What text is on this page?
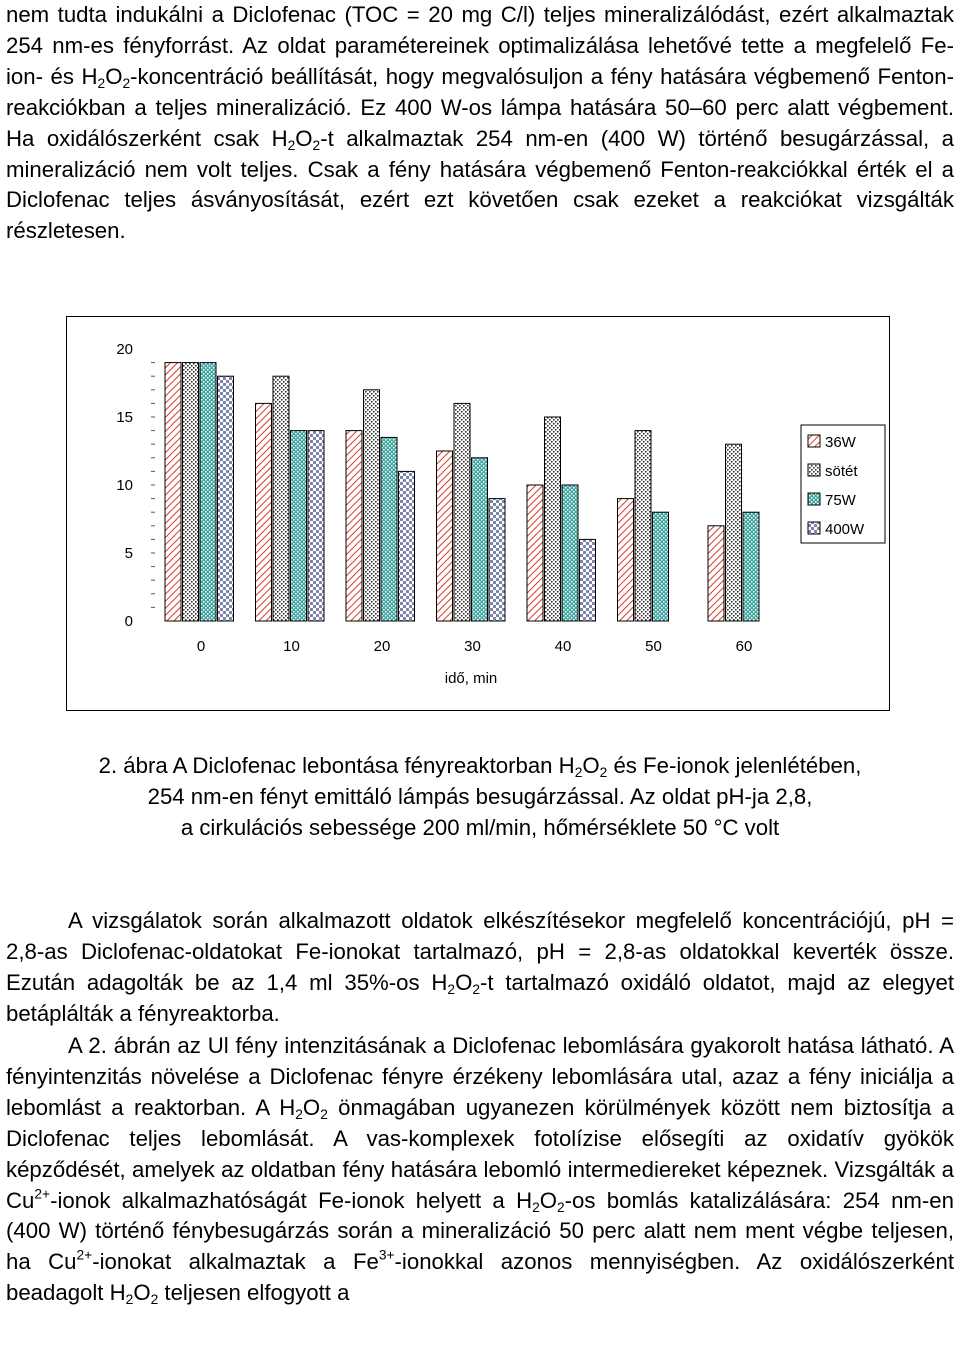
nem tudta indukálni a Diclofenac (TOC = 20 mg C/l) teljes mineralizálódást, ezért alkalmaztak 254 nm-es fényforrást. Az oldat paramétereinek optimalizálása lehetővé tette a megfelelő Fe-ion- és $H_2O_2$-koncentráció beállítását, hogy megvalósuljon a fény hatására végbemenő Fenton-reakciókban a teljes mineralizáció. Ez 400 W-os lámpa hatására 50–60 perc alatt végbement. Ha oxidálószerként csak $H_2O_2-t$ alkalmaztak 254 nm-en (400 W) történő besugárzással, a mineralizáció nem volt teljes. Csak a fény hatására végbemenő Fenton-reakciókkal érték el a Diclofenac teljes ásványosítását, ezért ezt követően csak ezeket a reakciókat vizsgálták részletesen.

0
5
10
15
20
0	10	20	30	40	50	60
idő, min
36W
sötét
75W
400W

2. ábra A Diclofenac lebontása fényreaktorban $H_2O_2$ és Fe-ionok jelenlétében,
254 nm-en fényt emittáló lámpás besugárzással. Az oldat pH-ja 2,8,
a cirkulációs sebessége 200 ml/min, hőmérséklete 50 °C volt

A vizsgálatok során alkalmazott oldatok elkészítésekor megfelelő koncentrációjú, pH = 2,8-as Diclofenac-oldatokat Fe-ionokat tartalmazó, pH = 2,8-as oldatokkal keverték össze. Ezután adagolták be az 1,4 ml 35%-os $H_2O_2-t$ tartalmazó oxidáló oldatot, majd az elegyet betáplálták a fényreaktorba.

A 2. ábrán az Ul fény intenzitásának a Diclofenac lebomlására gyakorolt hatása látható. A fényintenzitás növelése a Diclofenac fényre érzékeny lebomlására utal, azaz a fény iniciálja a lebomlást a reaktorban. A $H_2O_2$ önmagában ugyanezen körülmények között nem biztosítja a Diclofenac teljes lebomlását. A vas-komplexek fotolízise elősegíti az oxidatív gyökök képződését, amelyek az oldatban fény hatására lebomló intermediereket képeznek. Vizsgálták a $Cu^{2+}$-ionok alkalmazhatóságát Fe-ionok helyett a $H_2O_2-os$ bomlás katalizálására: 254 nm-en (400 W) történő fénybesugárzás során a mineralizáció 50 perc alatt nem ment végbe teljesen, ha $Cu^{2+}$-ionokat alkalmaztak a $Fe^{3+}$-ionokkal azonos mennyiségben. Az oxidálószerként beadagolt $H_2O_2$ teljesen elfogyott a
